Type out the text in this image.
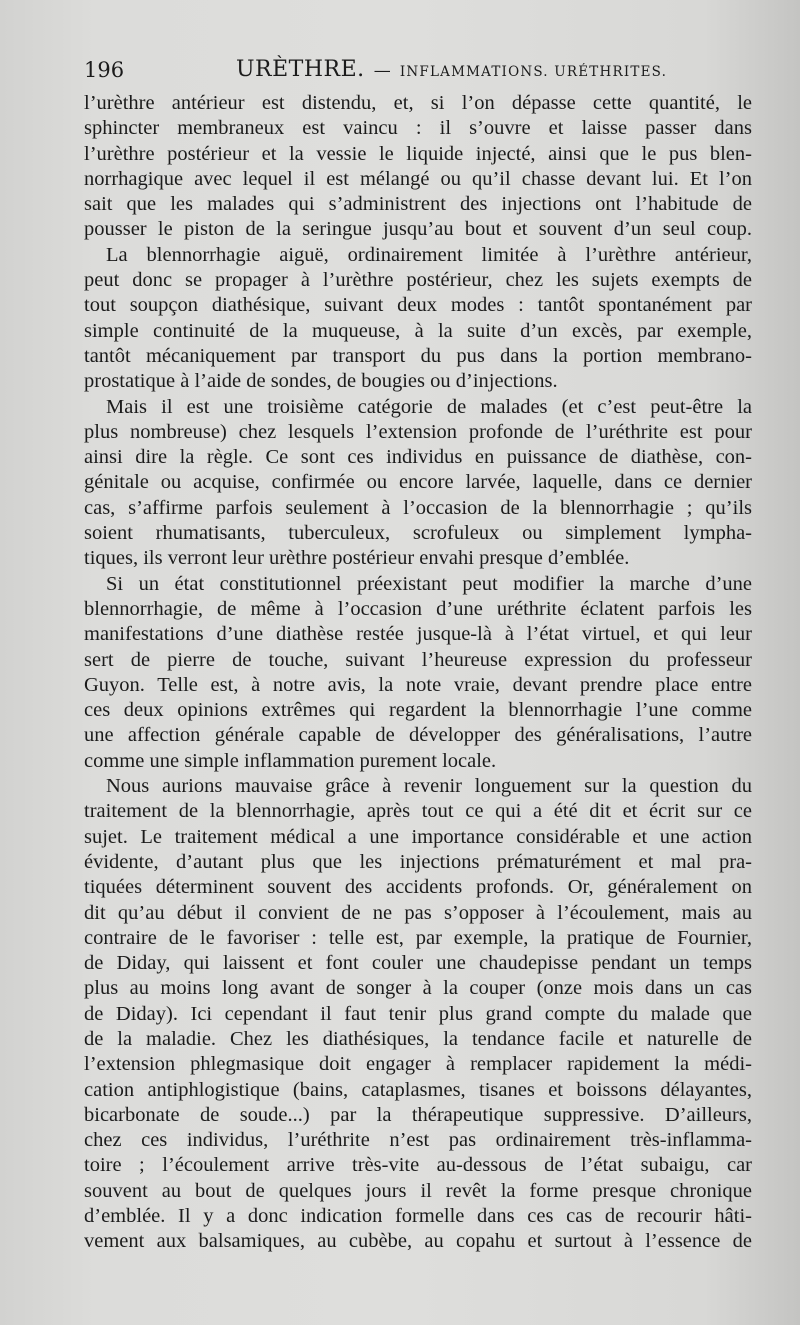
196	URÈTHRE. — INFLAMMATIONS. URÉTHRITES.
l’urèthre antérieur est distendu, et, si l’on dépasse cette quantité, le
sphincter membraneux est vaincu : il s’ouvre et laisse passer dans
l’urèthre postérieur et la vessie le liquide injecté, ainsi que le pus blen-
norrhagique avec lequel il est mélangé ou qu’il chasse devant lui. Et l’on
sait que les malades qui s’administrent des injections ont l’habitude de
pousser le piston de la seringue jusqu’au bout et souvent d’un seul coup.
La blennorrhagie aiguë, ordinairement limitée à l’urèthre antérieur,
peut donc se propager à l’urèthre postérieur, chez les sujets exempts de
tout soupçon diathésique, suivant deux modes : tantôt spontanément par
simple continuité de la muqueuse, à la suite d’un excès, par exemple,
tantôt mécaniquement par transport du pus dans la portion membrano-
prostatique à l’aide de sondes, de bougies ou d’injections.
Mais il est une troisième catégorie de malades (et c’est peut-être la
plus nombreuse) chez lesquels l’extension profonde de l’uréthrite est pour
ainsi dire la règle. Ce sont ces individus en puissance de diathèse, con-
génitale ou acquise, confirmée ou encore larvée, laquelle, dans ce dernier
cas, s’affirme parfois seulement à l’occasion de la blennorrhagie ; qu’ils
soient rhumatisants, tuberculeux, scrofuleux ou simplement lympha-
tiques, ils verront leur urèthre postérieur envahi presque d’emblée.
Si un état constitutionnel préexistant peut modifier la marche d’une
blennorrhagie, de même à l’occasion d’une uréthrite éclatent parfois les
manifestations d’une diathèse restée jusque-là à l’état virtuel, et qui leur
sert de pierre de touche, suivant l’heureuse expression du professeur
Guyon. Telle est, à notre avis, la note vraie, devant prendre place entre
ces deux opinions extrêmes qui regardent la blennorrhagie l’une comme
une affection générale capable de développer des généralisations, l’autre
comme une simple inflammation purement locale.
Nous aurions mauvaise grâce à revenir longuement sur la question du
traitement de la blennorrhagie, après tout ce qui a été dit et écrit sur ce
sujet. Le traitement médical a une importance considérable et une action
évidente, d’autant plus que les injections prématurément et mal pra-
tiquées déterminent souvent des accidents profonds. Or, généralement on
dit qu’au début il convient de ne pas s’opposer à l’écoulement, mais au
contraire de le favoriser : telle est, par exemple, la pratique de Fournier,
de Diday, qui laissent et font couler une chaudepisse pendant un temps
plus au moins long avant de songer à la couper (onze mois dans un cas
de Diday). Ici cependant il faut tenir plus grand compte du malade que
de la maladie. Chez les diathésiques, la tendance facile et naturelle de
l’extension phlegmasique doit engager à remplacer rapidement la médi-
cation antiphlogistique (bains, cataplasmes, tisanes et boissons délayantes,
bicarbonate de soude...) par la thérapeutique suppressive. D’ailleurs,
chez ces individus, l’uréthrite n’est pas ordinairement très-inflamma-
toire ; l’écoulement arrive très-vite au-dessous de l’état subaigu, car
souvent au bout de quelques jours il revêt la forme presque chronique
d’emblée. Il y a donc indication formelle dans ces cas de recourir hâti-
vement aux balsamiques, au cubèbe, au copahu et surtout à l’essence de
